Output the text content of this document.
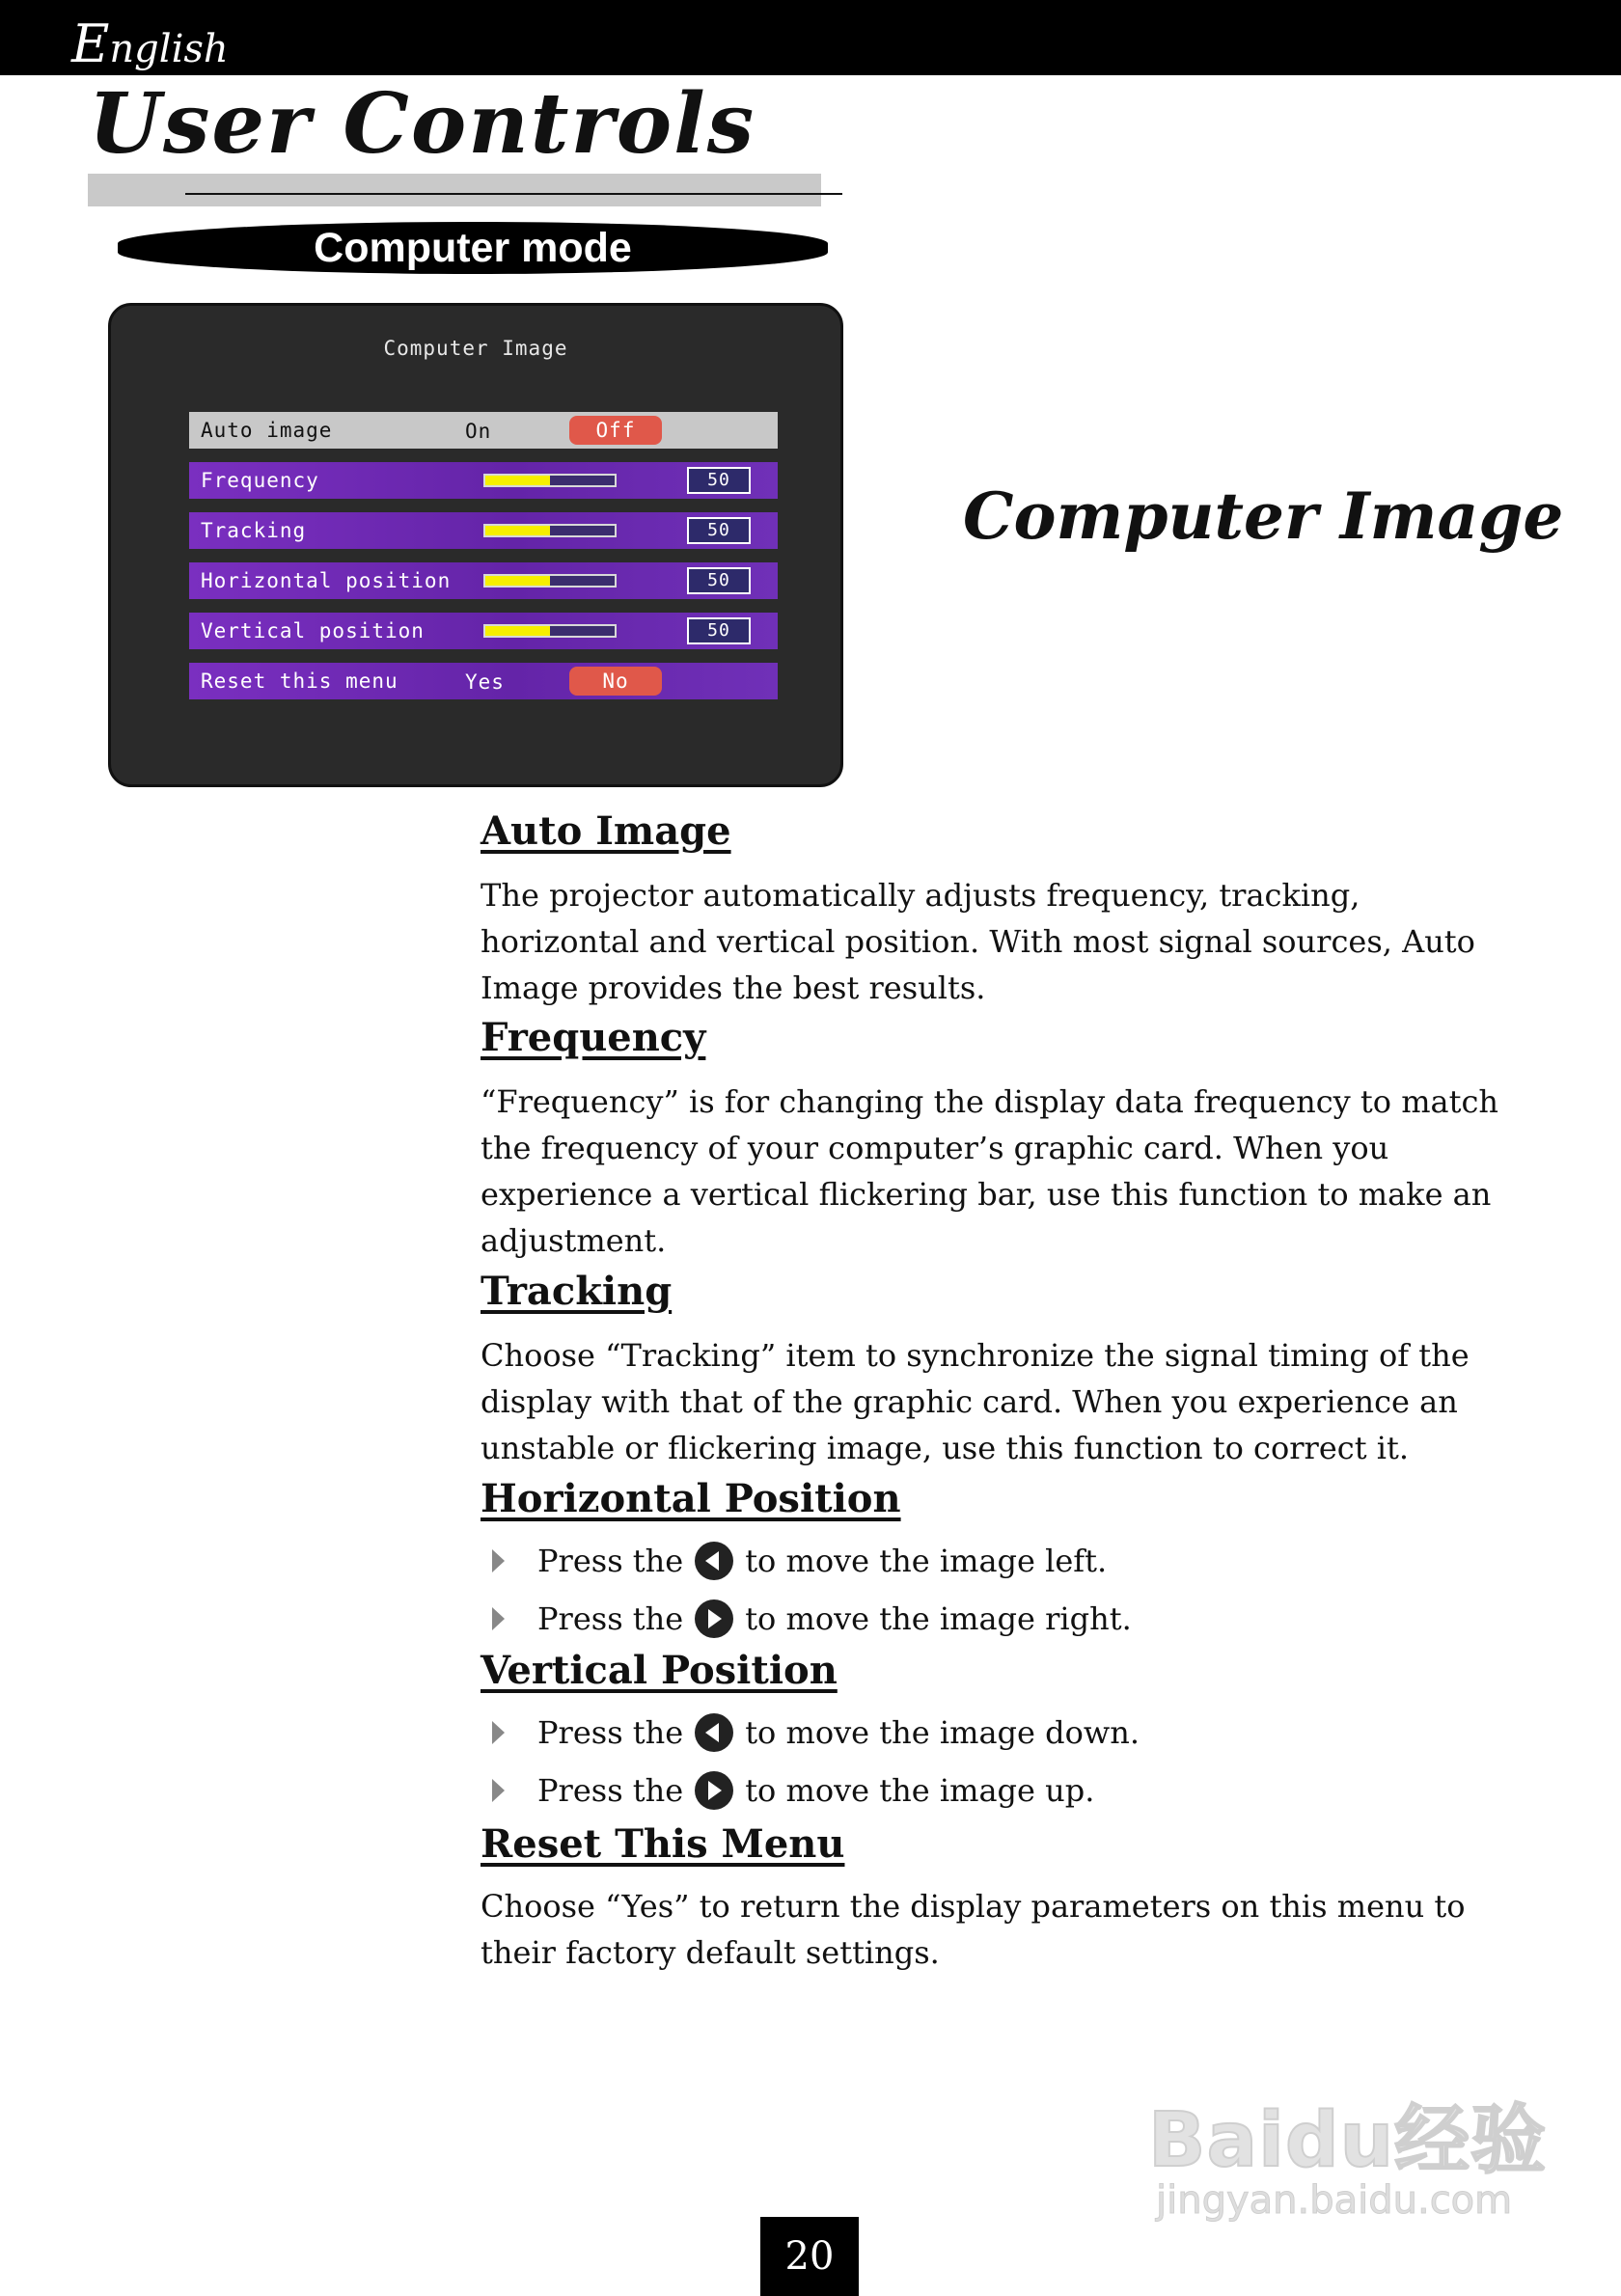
English
User Controls
Computer mode
Computer Image
Auto image	On	Off
Frequency	50
Tracking	50
Horizontal position	50
Vertical position	50
Reset this menu	Yes	No
Computer Image
Auto Image
The projector automatically adjusts frequency, tracking, horizontal and vertical position. With most signal sources, Auto Image provides the best results.
Frequency
“Frequency” is for changing the display data frequency to match the frequency of your computer’s graphic card. When you experience a vertical flickering bar, use this function to make an adjustment.
Tracking
Choose “Tracking” item to synchronize the signal timing of the display with that of the graphic card. When you experience an unstable or flickering image, use this function to correct it.
Horizontal Position
Press the to move the image left.
Press the to move the image right.
Vertical Position
Press the to move the image down.
Press the to move the image up.
Reset This Menu
Choose “Yes” to return the display parameters on this menu to their factory default settings.
Baidu经验
jingyan.baidu.com
20
